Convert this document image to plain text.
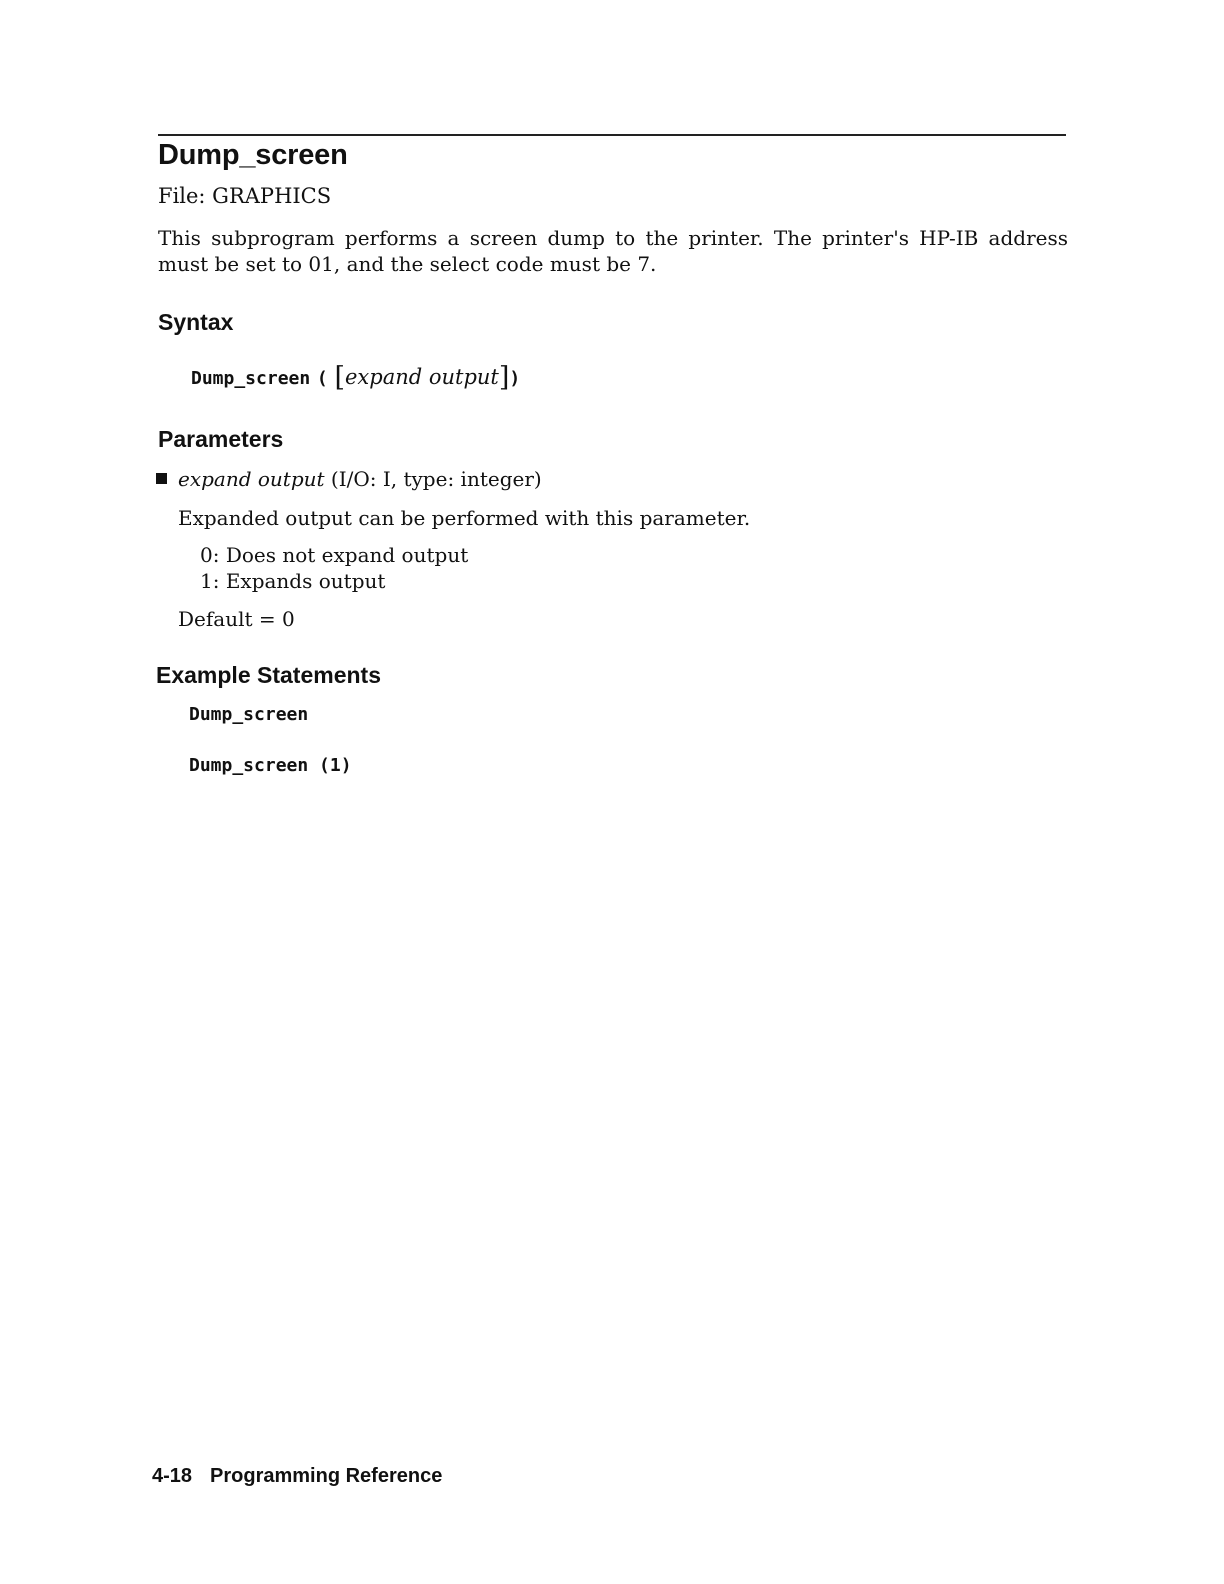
Dump_screen
File: GRAPHICS

This subprogram performs a screen dump to the printer. The printer's HP-IB address must be set to 01, and the select code must be 7.

Syntax
Dump_screen ( [expand output])
Parameters
expand output (I/O: I, type: integer)
Expanded output can be performed with this parameter.
0: Does not expand output
1: Expands output
Default = 0
Example Statements
Dump_screen
Dump_screen (1)
4-18 Programming Reference
